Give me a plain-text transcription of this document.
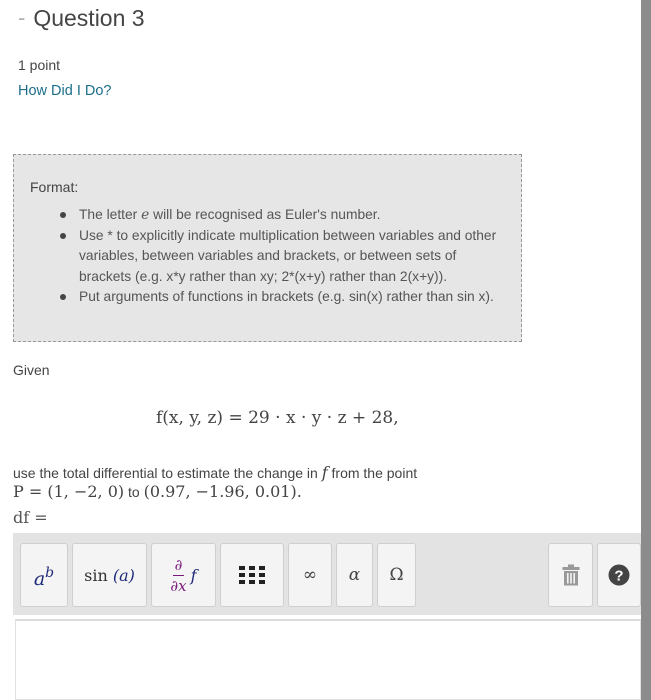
- Question 3
1 point
How Did I Do?
Format:
The letter e will be recognised as Euler's number.
Use * to explicitly indicate multiplication between variables and other variables, between variables and brackets, or between sets of brackets (e.g. x*y rather than xy; 2*(x+y) rather than 2(x+y)).
Put arguments of functions in brackets (e.g. sin(x) rather than sin x).
Given
f(x, y, z) = 29 · x · y · z + 28,
use the total differential to estimate the change in f from the point
P = (1, −2, 0) to (0.97, −1.96, 0.01).
df =
$a^b$ $\sin (a) \frac{\partial}{\partial x}$ f	∞ α Ω	?
